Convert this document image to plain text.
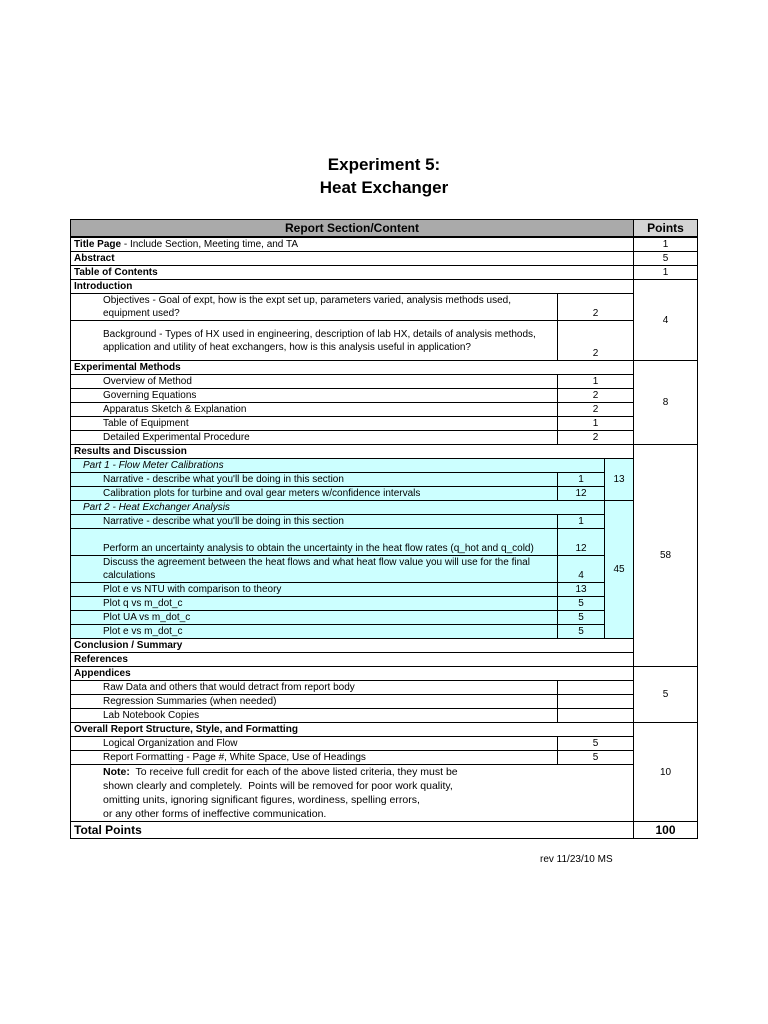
Experiment 5:
Heat Exchanger
Report Section/Content			Points	
Title Page - Include Section, Meeting time, and TA			1	
Abstract			5	
Table of Contents			1	
Introduction			4	
Objectives - Goal of expt, how is the expt set up, parameters varied, analysis methods used, equipment used?	2			
Background - Types of HX used in engineering, description of lab HX, details of analysis methods, application and utility of heat exchangers, how is this analysis useful in application?	2			
Experimental Methods			8	
Overview of Method	1			
Governing Equations	2			
Apparatus Sketch & Explanation	2			
Table of Equipment	1			
Detailed Experimental Procedure	2			
Results and Discussion			58	
Part 1 - Flow Meter Calibrations		13		
Narrative - describe what you'll be doing in this section	1			
Calibration plots for turbine and oval gear meters w/confidence intervals	12			
Part 2 - Heat Exchanger Analysis		45		
Narrative - describe what you'll be doing in this section	1			
Perform an uncertainty analysis to obtain the uncertainty in the heat flow rates (q_hot and q_cold)	12			
Discuss the agreement between the heat flows and what heat flow value you will use for the final calculations	4			
Plot e vs NTU with comparison to theory	13			
Plot q vs m_dot_c	5			
Plot UA vs m_dot_c	5			
Plot e vs m_dot_c	5			
Conclusion / Summary	
References	
Appendices			5	
Raw Data and others that would detract from report body				
Regression Summaries (when needed)				
Lab Notebook Copies				
Overall Report Structure, Style, and Formatting			10	
Logical Organization and Flow	5			
Report Formatting - Page #, White Space, Use of Headings	5			
Note:  To receive full credit for each of the above listed criteria, they must be
shown clearly and completely.  Points will be removed for poor work quality,
omitting units, ignoring significant figures, wordiness, spelling errors,
or any other forms of ineffective communication.				
Total Points			100	
rev 11/23/10 MS
